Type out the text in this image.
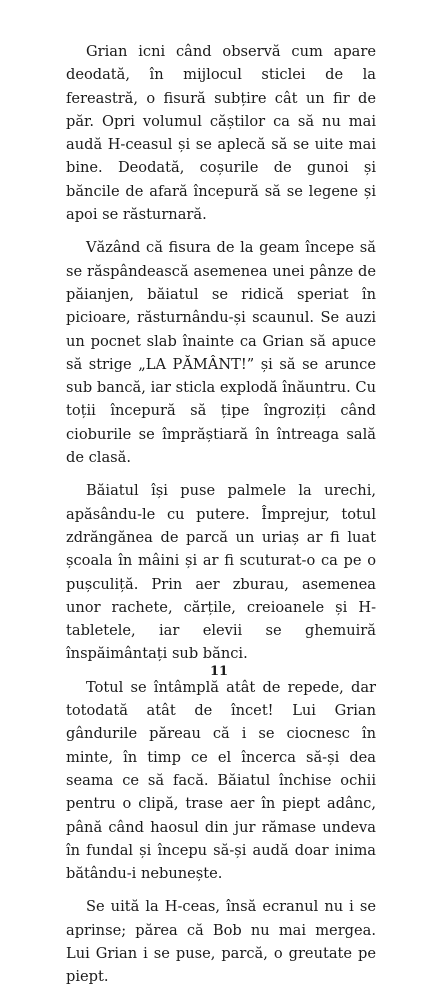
Grian icni când observă cum apare deodată, în mijlocul sticlei de la fereastră, o fisură subțire cât un fir de păr. Opri volumul căștilor ca să nu mai audă H-ceasul și se aplecă să se uite mai bine. Deodată, coșurile de gunoi și băncile de afară începură să se legene și apoi se răsturnară.

Văzând că fisura de la geam începe să se răspândească asemenea unei pânze de păianjen, băiatul se ridică speriat în picioare, răsturnându-și scaunul. Se auzi un pocnet slab înainte ca Grian să apuce să strige „LA PĂMÂNT!” și să se arunce sub bancă, iar sticla explodă înăuntru. Cu toții începură să țipe îngroziți când cioburile se împrăștiară în întreaga sală de clasă.

Băiatul își puse palmele la urechi, apăsându-le cu putere. Împrejur, totul zdrăngănea de parcă un uriaș ar fi luat școala în mâini și ar fi scuturat-o ca pe o pușculiță. Prin aer zburau, asemenea unor rachete, cărțile, creioanele și H-tabletele, iar elevii se ghemuiră înspăimântați sub bănci.

Totul se întâmplă atât de repede, dar totodată atât de încet! Lui Grian gândurile păreau că i se ciocnesc în minte, în timp ce el încerca să-și dea seama ce să facă. Băiatul închise ochii pentru o clipă, trase aer în piept adânc, până când haosul din jur rămase undeva în fundal și începu să-și audă doar inima bătându-i nebunește.

Se uită la H-ceas, însă ecranul nu i se aprinse; părea că Bob nu mai mergea. Lui Grian i se puse, parcă, o greutate pe piept.

11
